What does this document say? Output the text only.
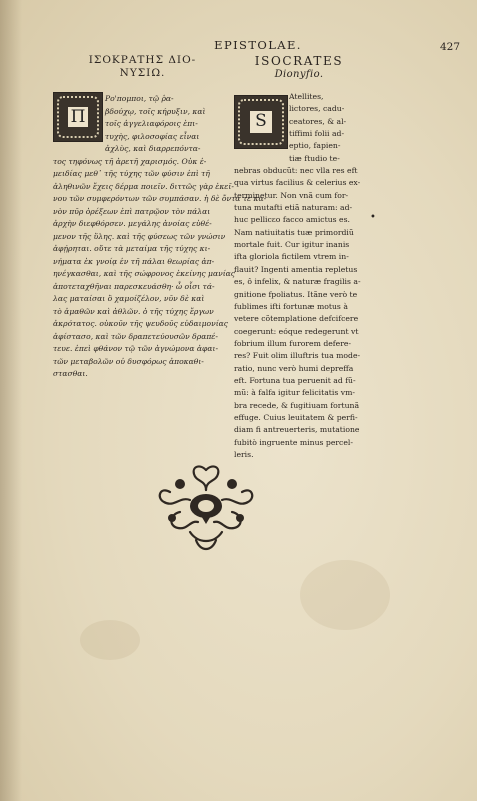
EPISTOLAE.	427
ΙΣΟΚΡΑΤΗΣ ΔΙΟ-
ΝΥΣΙΩ.
ISOCRATES
Dionyfio.
Π	S
Ρο'πομποι, τῷ ῥα-
βδούχῳ, τοῖς κήρυξιν, καὶ
τοῖς ἀγγελιαφόροις ἐπι-
τυχὴς, φιλοσοφίας εἶναι
ἀχλὺς, καὶ διαρρεπόντα-
τος τηφόνως τῆ ἀρετῆ χαρισμός. Οὐκ ἐ-
μειδίας μεθ᾽ τῆς τύχης τῶν φύσιν ἐπὶ τῆ
ἀληθινῶν ἔχεις δέρμα ποιεῖν. διττῶς γὰρ ἐκεῖ-
νου τῶν συμφερόντων τῶν συμπάσαν. ἡ δὲ ὄντα τε κα-
νὸν πῦρ ὀρέξεων ἐπὶ πατρῷον τὸν πάλαι
ἀρχὴν διεφθόρσεν. μεγάλης ἀνοίας εὐθέ-
μενον τῆς ὕλης. καὶ τῆς φύσεως τῶν γνώσιν
ἀφῄρηται. οὔτε τὰ μεταίμα τῆς τύχης κι-
νήματα ἐκ γνοίᾳ ἐν τῆ πάλαι θεωρίας ἀπ-
ηνέγκασθαι, καὶ τῆς σώφρονος ἐκείνης μανίας
ἀποτεταχθῆναι παρεσκευάσθη· ὦ οἷσι τά-
λας ματαίσαι ὃ χαμοίζέλον, νῦν δὲ καὶ
τὸ ἀμαθῶν καὶ ἀθλῶν. ὁ τῆς τύχης ἔργων
ἀκρότατος. οὐκοῦν τῆς ψευδοῦς εὐδαιμονίας
ἀφίστασο, καὶ τῶν δραπετεύουσῶν δραπέ-
τευε. ἐπεὶ φθάνον τῷ τῶν ἀγνώμονα ἀφαι-
τῶν μεταβολῶν οὐ δυσφόρως ἀποκαθι-
στασθαι.
Atellites,
lictores, cadu-
ceatores, & al-
tiffimi folii ad-
eptio, fapien-
tiæ ftudio te-
nebras obducũt: nec vlla res eft
qua virtus facilius & celerius ex-
terminetur. Non vnã cum for-
tuna mutafti etiã naturam: ad-
huc pellicεo facco amictus es.
Nam natiuitatis tuæ primordiũ
mortale fuit. Cur igitur inanis
ifta gloriola fictilem vtrem in-
flauit? Ingenti amentia repletus
es, ô infelix, & naturæ fragilis a-
gnitione fpoliatus. Itãne verò te
fublimes ifti fortunæ motus à
vetere cõtemplatione defcifcere
coegerunt: eóque redegerunt vt
fobrium illum furorem defere-
res? Fuit olim illuftris tua mode-
ratio, nunc verò humi depreffa
eft. Fortuna tua peruenit ad fũ-
mũ: à falfa igitur felicitatis vm-
bra recede, & fugitiuam fortunã
effuge. Cuius leuitatem & perfi-
diam fi antreuerteris, mutatione
fubitò ingruente minus percel-
leris.
•
